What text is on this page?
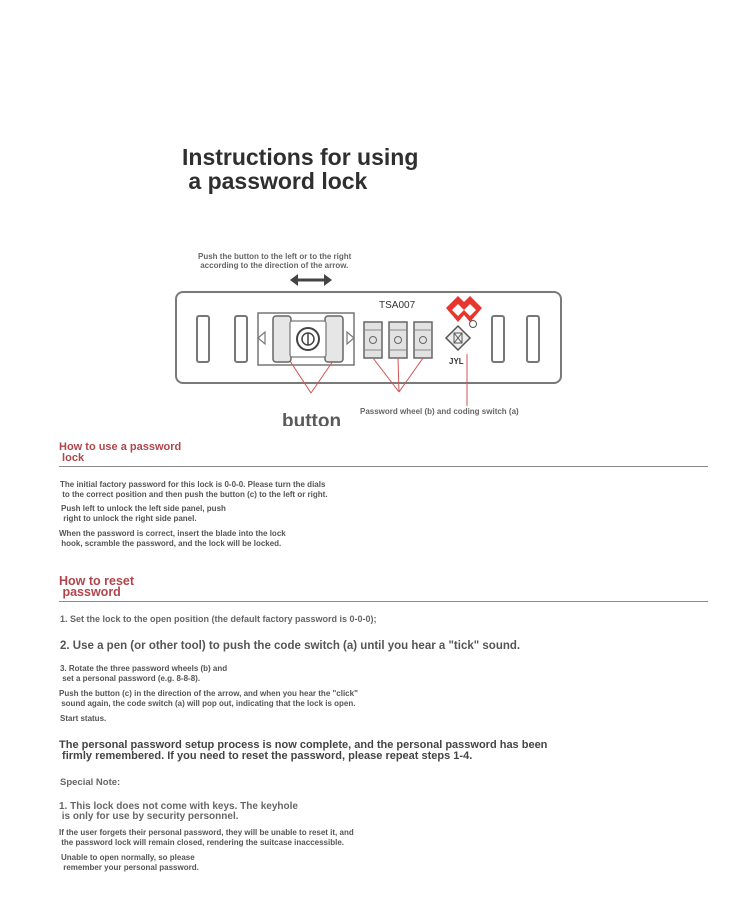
Instructions for using
a password lock
Push the button to the left or to the right
according to the direction of the arrow.
TSA007
JYL
button Password wheel (b) and coding switch (a)
How to use a password
lock
The initial factory password for this lock is 0-0-0. Please turn the dials
to the correct position and then push the button (c) to the left or right.
Push left to unlock the left side panel, push
right to unlock the right side panel.
When the password is correct, insert the blade into the lock
hook, scramble the password, and the lock will be locked.
How to reset
password
1. Set the lock to the open position (the default factory password is 0-0-0);
2. Use a pen (or other tool) to push the code switch (a) until you hear a "tick" sound.
3. Rotate the three password wheels (b) and
set a personal password (e.g. 8-8-8).
Push the button (c) in the direction of the arrow, and when you hear the "click"
sound again, the code switch (a) will pop out, indicating that the lock is open.
Start status.
The personal password setup process is now complete, and the personal password has been
firmly remembered. If you need to reset the password, please repeat steps 1-4.
Special Note:
1. This lock does not come with keys. The keyhole
is only for use by security personnel.
If the user forgets their personal password, they will be unable to reset it, and
the password lock will remain closed, rendering the suitcase inaccessible.
Unable to open normally, so please
remember your personal password.
